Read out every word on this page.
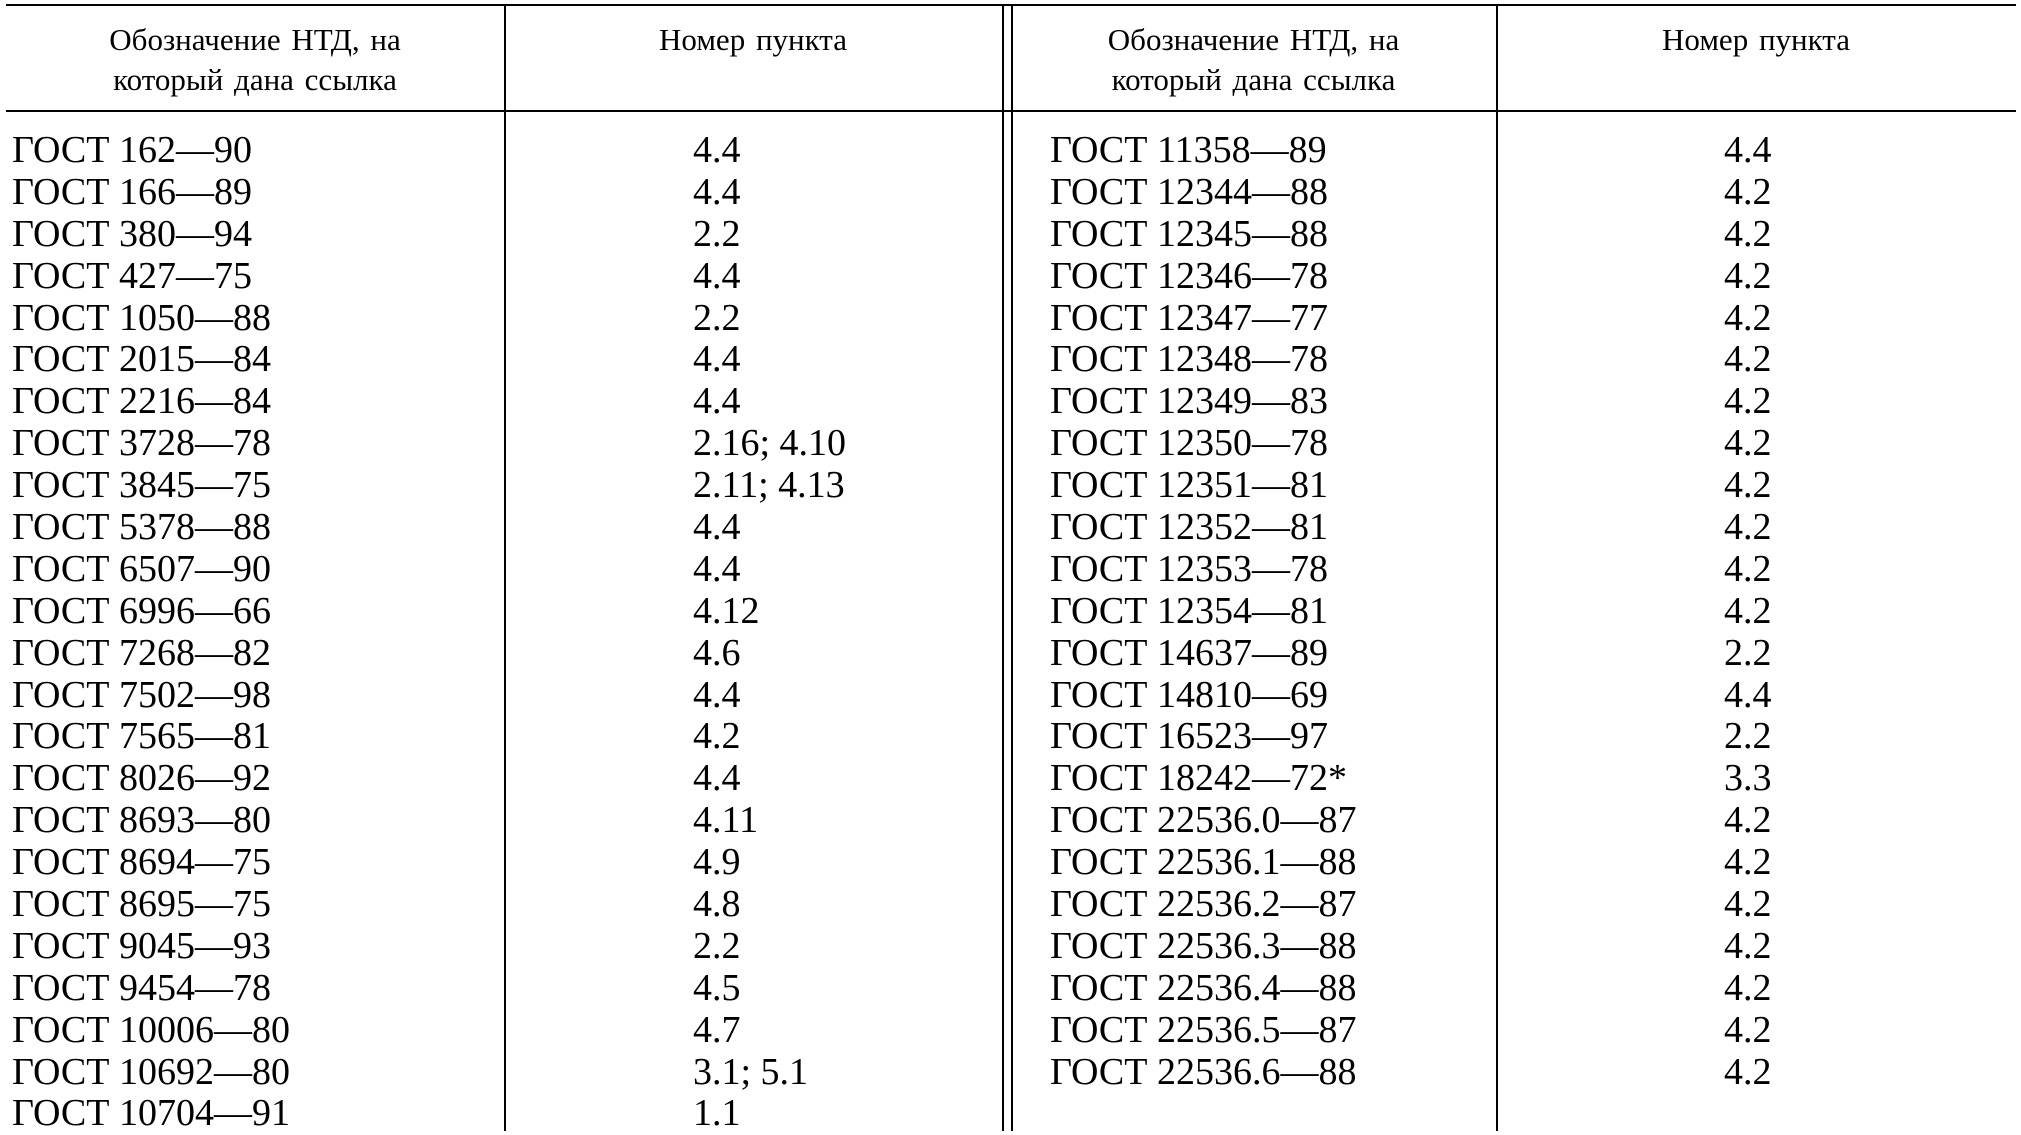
Обозначение НТД, на
который дана ссылка
Номер пункта	Обозначение НТД, на
который дана ссылка
Номер пункта
ГОСТ 162—90
ГОСТ 166—89
ГОСТ 380—94
ГОСТ 427—75
ГОСТ 1050—88
ГОСТ 2015—84
ГОСТ 2216—84
ГОСТ 3728—78
ГОСТ 3845—75
ГОСТ 5378—88
ГОСТ 6507—90
ГОСТ 6996—66
ГОСТ 7268—82
ГОСТ 7502—98
ГОСТ 7565—81
ГОСТ 8026—92
ГОСТ 8693—80
ГОСТ 8694—75
ГОСТ 8695—75
ГОСТ 9045—93
ГОСТ 9454—78
ГОСТ 10006—80
ГОСТ 10692—80
ГОСТ 10704—91
4.4
4.4
2.2
4.4
2.2
4.4
4.4
2.16; 4.10
2.11; 4.13
4.4
4.4
4.12
4.6
4.4
4.2
4.4
4.11
4.9
4.8
2.2
4.5
4.7
3.1; 5.1
1.1
ГОСТ 11358—89
ГОСТ 12344—88
ГОСТ 12345—88
ГОСТ 12346—78
ГОСТ 12347—77
ГОСТ 12348—78
ГОСТ 12349—83
ГОСТ 12350—78
ГОСТ 12351—81
ГОСТ 12352—81
ГОСТ 12353—78
ГОСТ 12354—81
ГОСТ 14637—89
ГОСТ 14810—69
ГОСТ 16523—97
ГОСТ 18242—72*
ГОСТ 22536.0—87
ГОСТ 22536.1—88
ГОСТ 22536.2—87
ГОСТ 22536.3—88
ГОСТ 22536.4—88
ГОСТ 22536.5—87
ГОСТ 22536.6—88
4.4
4.2
4.2
4.2
4.2
4.2
4.2
4.2
4.2
4.2
4.2
4.2
2.2
4.4
2.2
3.3
4.2
4.2
4.2
4.2
4.2
4.2
4.2
